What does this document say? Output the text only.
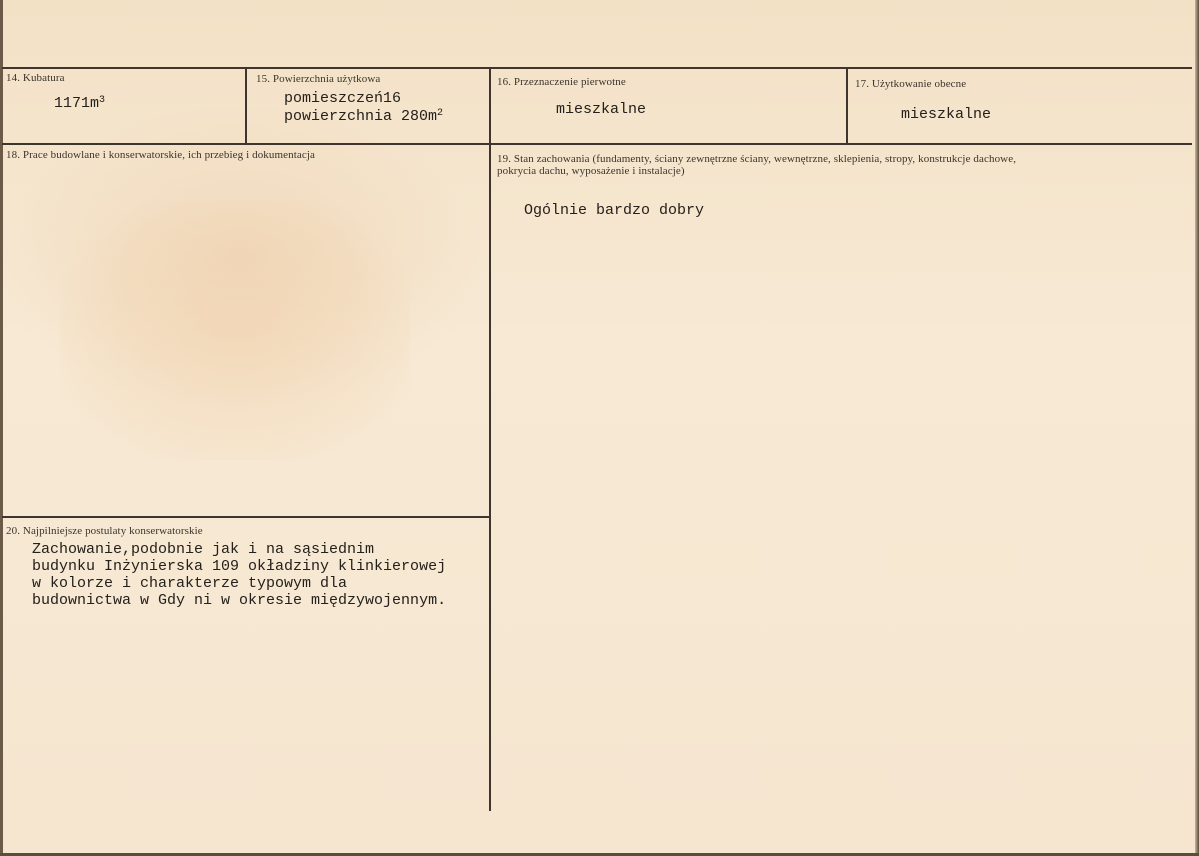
14. Kubatura
$1171m^3$
15. Powierzchnia użytkowa
pomieszczeń16
powierzchnia $280m^2$
16. Przeznaczenie pierwotne
mieszkalne
17. Użytkowanie obecne
mieszkalne
18. Prace budowlane i konserwatorskie, ich przebieg i dokumentacja	19. Stan zachowania (fundamenty, ściany zewnętrzne ściany, wewnętrzne, sklepienia, stropy, konstrukcje dachowe, pokrycia dachu, wyposażenie i instalacje)
Ogólnie bardzo dobry
20. Najpilniejsze postulaty konserwatorskie
Zachowanie,podobnie jak i na sąsiednim
budynku Inżynierska 109 okładziny klinkierowej
w kolorze i charakterze typowym dla
budownictwa w Gdy ni w okresie międzywojennym.
